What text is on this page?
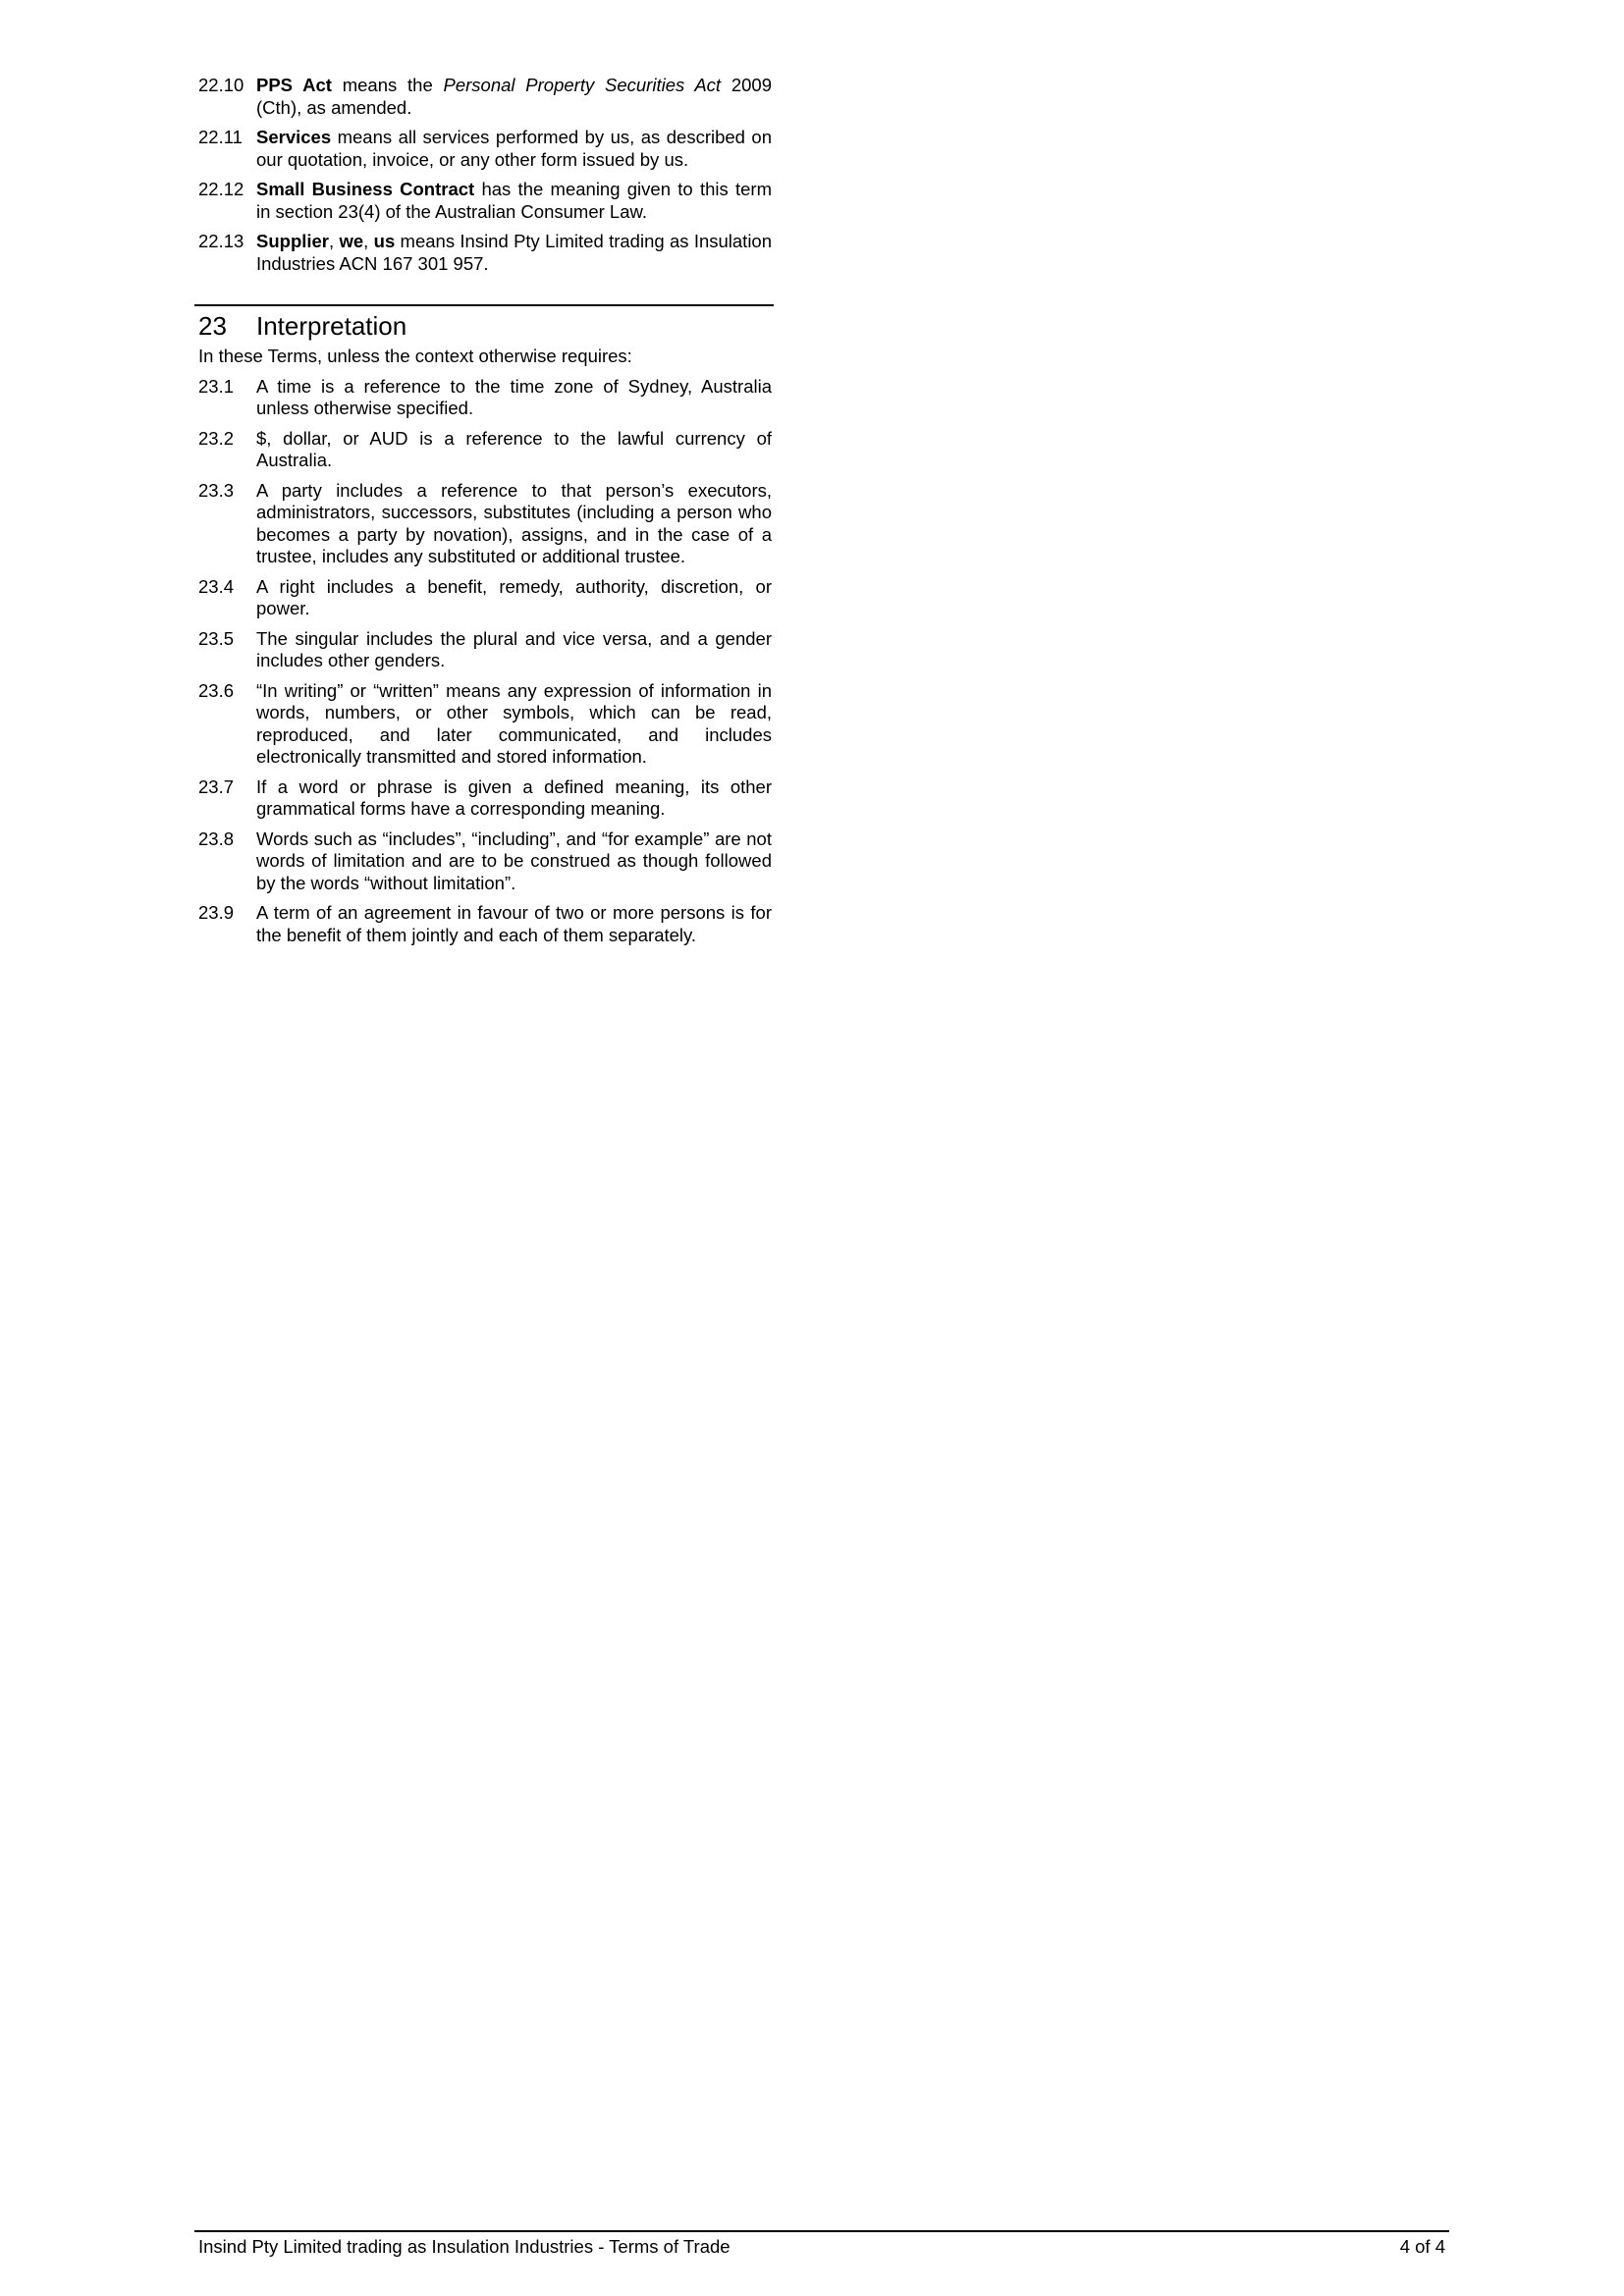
22.10 PPS Act means the Personal Property Securities Act 2009 (Cth), as amended.
22.11 Services means all services performed by us, as described on our quotation, invoice, or any other form issued by us.
22.12 Small Business Contract has the meaning given to this term in section 23(4) of the Australian Consumer Law.
22.13 Supplier, we, us means Insind Pty Limited trading as Insulation Industries ACN 167 301 957.
23	Interpretation
In these Terms, unless the context otherwise requires:
23.1	A time is a reference to the time zone of Sydney, Australia unless otherwise specified.
23.2	$, dollar, or AUD is a reference to the lawful currency of Australia.
23.3	A party includes a reference to that person’s executors, administrators, successors, substitutes (including a person who becomes a party by novation), assigns, and in the case of a trustee, includes any substituted or additional trustee.
23.4	A right includes a benefit, remedy, authority, discretion, or power.
23.5	The singular includes the plural and vice versa, and a gender includes other genders.
23.6	“In writing” or “written” means any expression of information in words, numbers, or other symbols, which can be read, reproduced, and later communicated, and includes electronically transmitted and stored information.
23.7	If a word or phrase is given a defined meaning, its other grammatical forms have a corresponding meaning.
23.8	Words such as “includes”, “including”, and “for example” are not words of limitation and are to be construed as though followed by the words “without limitation”.
23.9	A term of an agreement in favour of two or more persons is for the benefit of them jointly and each of them separately.
Insind Pty Limited trading as Insulation Industries - Terms of Trade	4 of 4
